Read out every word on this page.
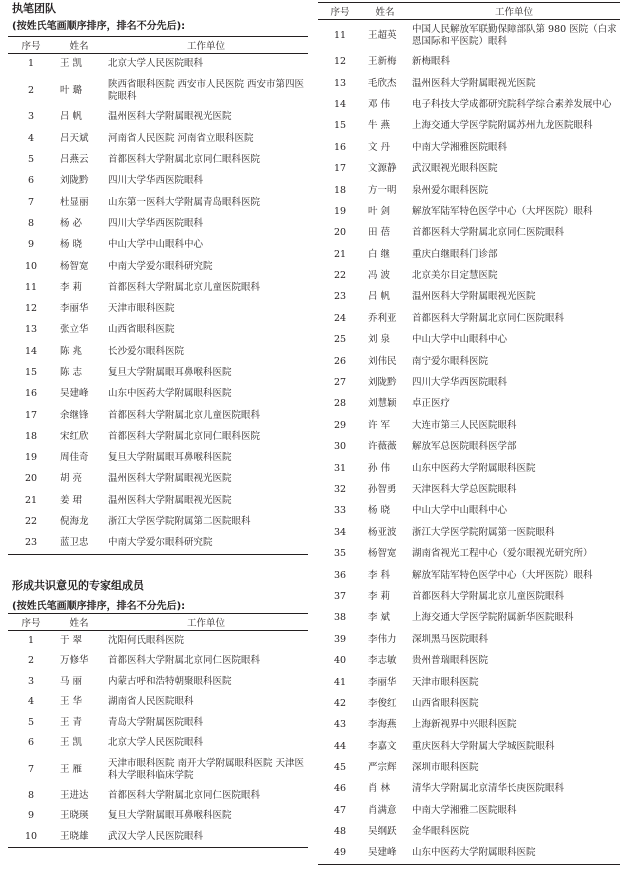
执笔团队
(按姓氏笔画顺序排序，排名不分先后):
序号	姓名	工作单位
1	王 凯	北京大学人民医院眼科
2	叶 璐	陕西省眼科医院 西安市人民医院 西安市第四医院眼科
3	吕 帆	温州医科大学附属眼视光医院
4	吕天斌	河南省人民医院 河南省立眼科医院
5	吕燕云	首都医科大学附属北京同仁眼科医院
6	刘陇黔	四川大学华西医院眼科
7	杜显丽	山东第一医科大学附属青岛眼科医院
8	杨 必	四川大学华西医院眼科
9	杨 晓	中山大学中山眼科中心
10	杨智宽	中南大学爱尔眼科研究院
11	李 莉	首都医科大学附属北京儿童医院眼科
12	李丽华	天津市眼科医院
13	张立华	山西省眼科医院
14	陈 兆	长沙爱尔眼科医院
15	陈 志	复旦大学附属眼耳鼻喉科医院
16	吴建峰	山东中医药大学附属眼科医院
17	余继锋	首都医科大学附属北京儿童医院眼科
18	宋红欣	首都医科大学附属北京同仁眼科医院
19	周佳奇	复旦大学附属眼耳鼻喉科医院
20	胡 亮	温州医科大学附属眼视光医院
21	姜 珺	温州医科大学附属眼视光医院
22	倪海龙	浙江大学医学院附属第二医院眼科
23	蓝卫忠	中南大学爱尔眼科研究院
形成共识意见的专家组成员
(按姓氏笔画顺序排序，排名不分先后):
序号	姓名	工作单位
1	于 翠	沈阳何氏眼科医院
2	万修华	首都医科大学附属北京同仁医院眼科
3	马 丽	内蒙古呼和浩特朝聚眼科医院
4	王 华	湖南省人民医院眼科
5	王 青	青岛大学附属医院眼科
6	王 凯	北京大学人民医院眼科
7	王 雁	天津市眼科医院 南开大学附属眼科医院 天津医科大学眼科临床学院
8	王进达	首都医科大学附属北京同仁医院眼科
9	王晓瑛	复旦大学附属眼耳鼻喉科医院
10	王晓雄	武汉大学人民医院眼科
序号	姓名	工作单位
11	王超英	中国人民解放军联勤保障部队第 980 医院（白求恩国际和平医院）眼科
12	王新梅	新梅眼科
13	毛欣杰	温州医科大学附属眼视光医院
14	邓 伟	电子科技大学成都研究院科学综合素养发展中心
15	牛 燕	上海交通大学医学院附属苏州九龙医院眼科
16	文 丹	中南大学湘雅医院眼科
17	文源静	武汉眼视光眼科医院
18	方一明	泉州爱尔眼科医院
19	叶 剑	解放军陆军特色医学中心（大坪医院）眼科
20	田 蓓	首都医科大学附属北京同仁医院眼科
21	白 继	重庆白继眼科门诊部
22	冯 波	北京美尔目定慧医院
23	吕 帆	温州医科大学附属眼视光医院
24	乔利亚	首都医科大学附属北京同仁医院眼科
25	刘 泉	中山大学中山眼科中心
26	刘伟民	南宁爱尔眼科医院
27	刘陇黔	四川大学华西医院眼科
28	刘慧颖	卓正医疗
29	许 军	大连市第三人民医院眼科
30	许薇薇	解放军总医院眼科医学部
31	孙 伟	山东中医药大学附属眼科医院
32	孙智勇	天津医科大学总医院眼科
33	杨 晓	中山大学中山眼科中心
34	杨亚波	浙江大学医学院附属第一医院眼科
35	杨智宽	湖南省视光工程中心（爱尔眼视光研究所）
36	李 科	解放军陆军特色医学中心（大坪医院）眼科
37	李 莉	首都医科大学附属北京儿童医院眼科
38	李 斌	上海交通大学医学院附属新华医院眼科
39	李伟力	深圳黑马医院眼科
40	李志敏	贵州普瑞眼科医院
41	李丽华	天津市眼科医院
42	李俊红	山西省眼科医院
43	李海燕	上海新视界中兴眼科医院
44	李嘉文	重庆医科大学附属大学城医院眼科
45	严宗辉	深圳市眼科医院
46	肖 林	清华大学附属北京清华长庚医院眼科
47	肖满意	中南大学湘雅二医院眼科
48	吴纲跃	金华眼科医院
49	吴建峰	山东中医药大学附属眼科医院
